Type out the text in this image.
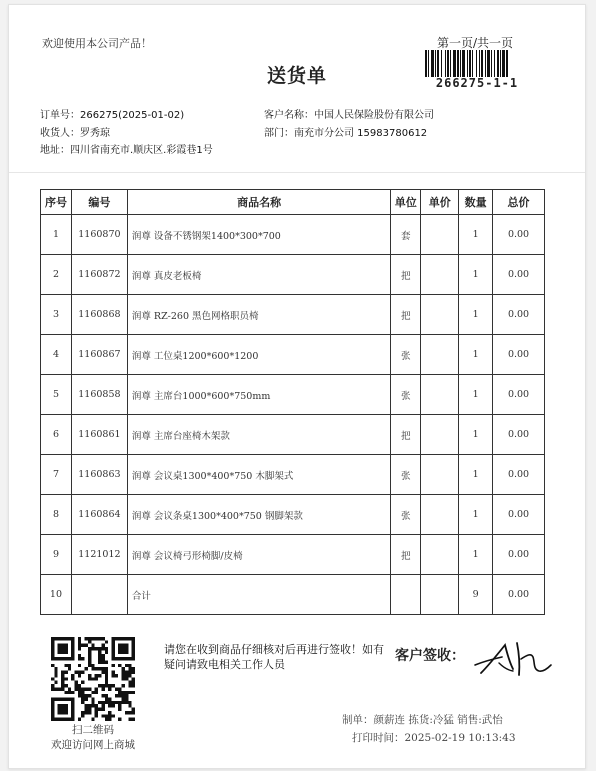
欢迎使用本公司产品！	第一页/共一页
266275-1-1
送货单
订单号：266275(2025-01-02)
收货人：罗秀琼
地址：四川省南充市.顺庆区.彩霞巷1号
客户名称：中国人民保险股份有限公司
部门：南充市分公司 15983780612
序号	编号	商品名称	单位	单价	数量	总价
1	1160870	润尊 设备不锈钢架1400*300*700	套		1	0.00
2	1160872	润尊 真皮老板椅	把		1	0.00
3	1160868	润尊 RZ-260 黑色网格职员椅	把		1	0.00
4	1160867	润尊 工位桌1200*600*1200	张		1	0.00
5	1160858	润尊 主席台1000*600*750mm	张		1	0.00
6	1160861	润尊 主席台座椅木架款	把		1	0.00
7	1160863	润尊 会议桌1300*400*750 木脚架式	张		1	0.00
8	1160864	润尊 会议条桌1300*400*750 钢脚架款	张		1	0.00
9	1121012	润尊 会议椅弓形椅脚/皮椅	把		1	0.00
10		合计			9	0.00
扫二维码
欢迎访问网上商城
请您在收到商品仔细核对后再进行签收！如有疑问请致电相关工作人员
客户签收：
制单：颜薪连 拣货:冷猛 销售:武怡
打印时间：2025-02-19 10:13:43
